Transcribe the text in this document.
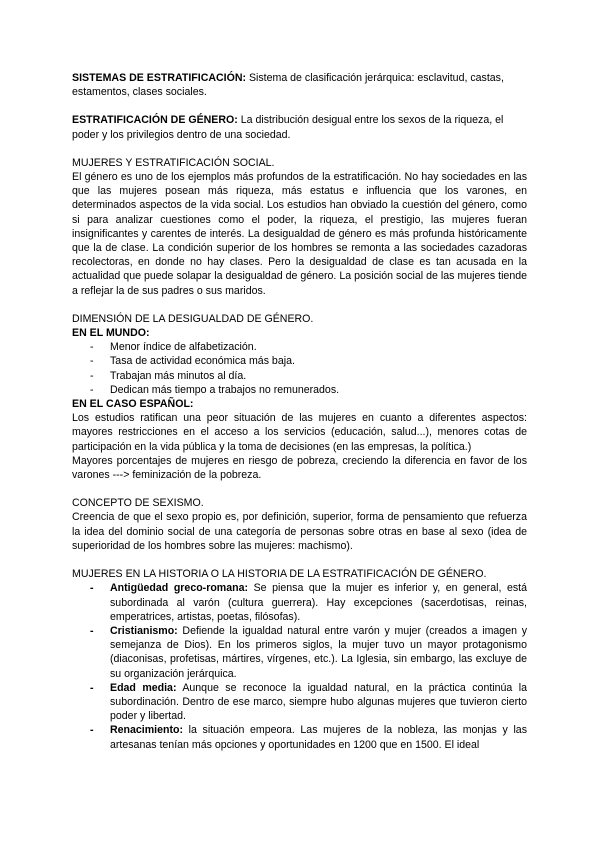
SISTEMAS DE ESTRATIFICACIÓN: Sistema de clasificación jerárquica: esclavitud, castas, estamentos, clases sociales.

ESTRATIFICACIÓN DE GÉNERO: La distribución desigual entre los sexos de la riqueza, el poder y los privilegios dentro de una sociedad.

MUJERES Y ESTRATIFICACIÓN SOCIAL.

El género es uno de los ejemplos más profundos de la estratificación. No hay sociedades en las que las mujeres posean más riqueza, más estatus e influencia que los varones, en determinados aspectos de la vida social. Los estudios han obviado la cuestión del género, como si para analizar cuestiones como el poder, la riqueza, el prestigio, las mujeres fueran insignificantes y carentes de interés. La desigualdad de género es más profunda históricamente que la de clase. La condición superior de los hombres se remonta a las sociedades cazadoras recolectoras, en donde no hay clases. Pero la desigualdad de clase es tan acusada en la actualidad que puede solapar la desigualdad de género. La posición social de las mujeres tiende a reflejar la de sus padres o sus maridos.

DIMENSIÓN DE LA DESIGUALDAD DE GÉNERO.

EN EL MUNDO:

- Menor índice de alfabetización.
- Tasa de actividad económica más baja.
- Trabajan más minutos al día.
- Dedican más tiempo a trabajos no remunerados.

EN EL CASO ESPAÑOL:

Los estudios ratifican una peor situación de las mujeres en cuanto a diferentes aspectos: mayores restricciones en el acceso a los servicios (educación, salud...), menores cotas de participación en la vida pública y la toma de decisiones (en las empresas, la política.)

Mayores porcentajes de mujeres en riesgo de pobreza, creciendo la diferencia en favor de los varones ---> feminización de la pobreza.

CONCEPTO DE SEXISMO.

Creencia de que el sexo propio es, por definición, superior, forma de pensamiento que refuerza la idea del dominio social de una categoría de personas sobre otras en base al sexo (idea de superioridad de los hombres sobre las mujeres: machismo).

MUJERES EN LA HISTORIA O LA HISTORIA DE LA ESTRATIFICACIÓN DE GÉNERO.

- Antigüedad greco-romana: Se piensa que la mujer es inferior y, en general, está subordinada al varón (cultura guerrera). Hay excepciones (sacerdotisas, reinas, emperatrices, artistas, poetas, filósofas).
- Cristianismo: Defiende la igualdad natural entre varón y mujer (creados a imagen y semejanza de Dios). En los primeros siglos, la mujer tuvo un mayor protagonismo (diaconisas, profetisas, mártires, vírgenes, etc.). La Iglesia, sin embargo, las excluye de su organización jerárquica.
- Edad media: Aunque se reconoce la igualdad natural, en la práctica continúa la subordinación. Dentro de ese marco, siempre hubo algunas mujeres que tuvieron cierto poder y libertad.
- Renacimiento: la situación empeora. Las mujeres de la nobleza, las monjas y las artesanas tenían más opciones y oportunidades en 1200 que en 1500. El ideal
